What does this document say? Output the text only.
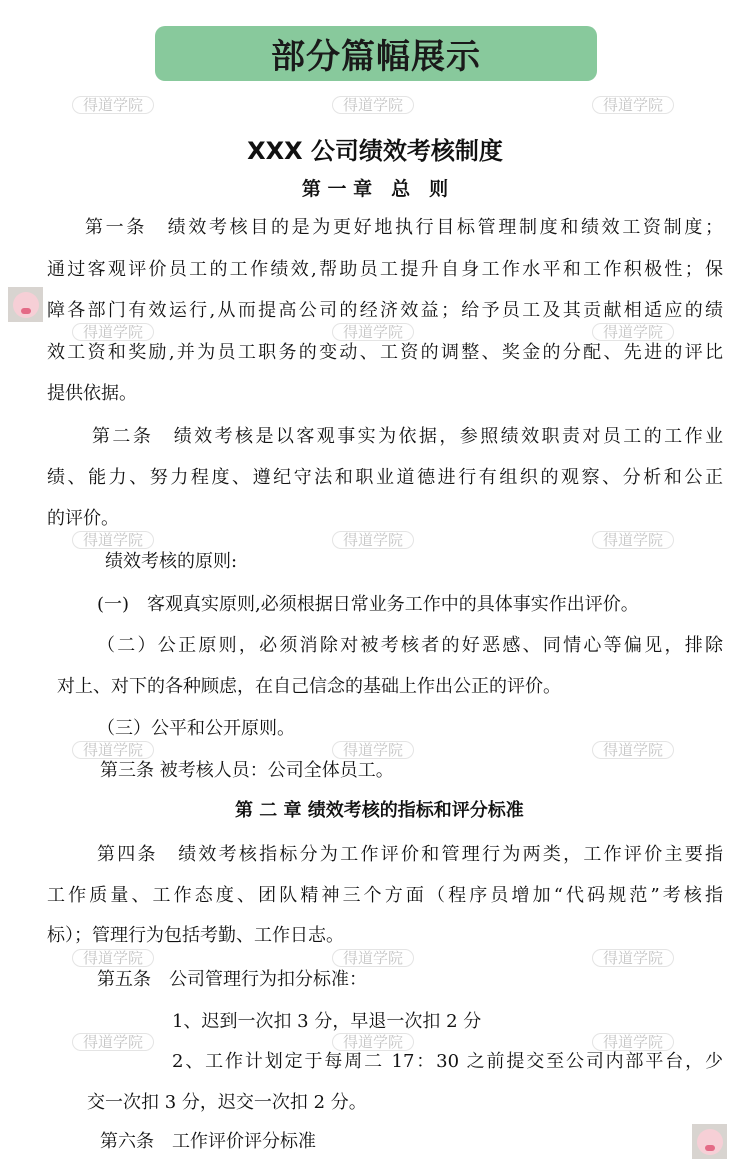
部分篇幅展示
得道学院	得道学院	得道学院
得道学院	得道学院	得道学院
得道学院	得道学院	得道学院
得道学院	得道学院	得道学院
得道学院	得道学院	得道学院
得道学院	得道学院	得道学院
XXX 公司绩效考核制度
第 一 章　总　则
第一条　绩效考核目的是为更好地执行目标管理制度和绩效工资制度；
通过客观评价员工的工作绩效,帮助员工提升自身工作水平和工作积极性；保
障各部门有效运行,从而提高公司的经济效益；给予员工及其贡献相适应的绩
效工资和奖励,并为员工职务的变动、工资的调整、奖金的分配、先进的评比
提供依据。
第二条　绩效考核是以客观事实为依据，参照绩效职责对员工的工作业
绩、能力、努力程度、遵纪守法和职业道德进行有组织的观察、分析和公正
的评价。
绩效考核的原则:
(一)　客观真实原则,必须根据日常业务工作中的具体事实作出评价。
（二）公正原则，必须消除对被考核者的好恶感、同情心等偏见，排除
对上、对下的各种顾虑，在自己信念的基础上作出公正的评价。
（三）公平和公开原则。
第三条 被考核人员：公司全体员工。
第 二 章 绩效考核的指标和评分标准
第四条　绩效考核指标分为工作评价和管理行为两类，工作评价主要指
工作质量、工作态度、团队精神三个方面（程序员增加“代码规范”考核指
标）；管理行为包括考勤、工作日志。
第五条　公司管理行为扣分标准：
1、迟到一次扣 3 分，早退一次扣 2 分
2、工作计划定于每周二 17：30 之前提交至公司内部平台，少
交一次扣 3 分，迟交一次扣 2 分。
第六条　工作评价评分标准
